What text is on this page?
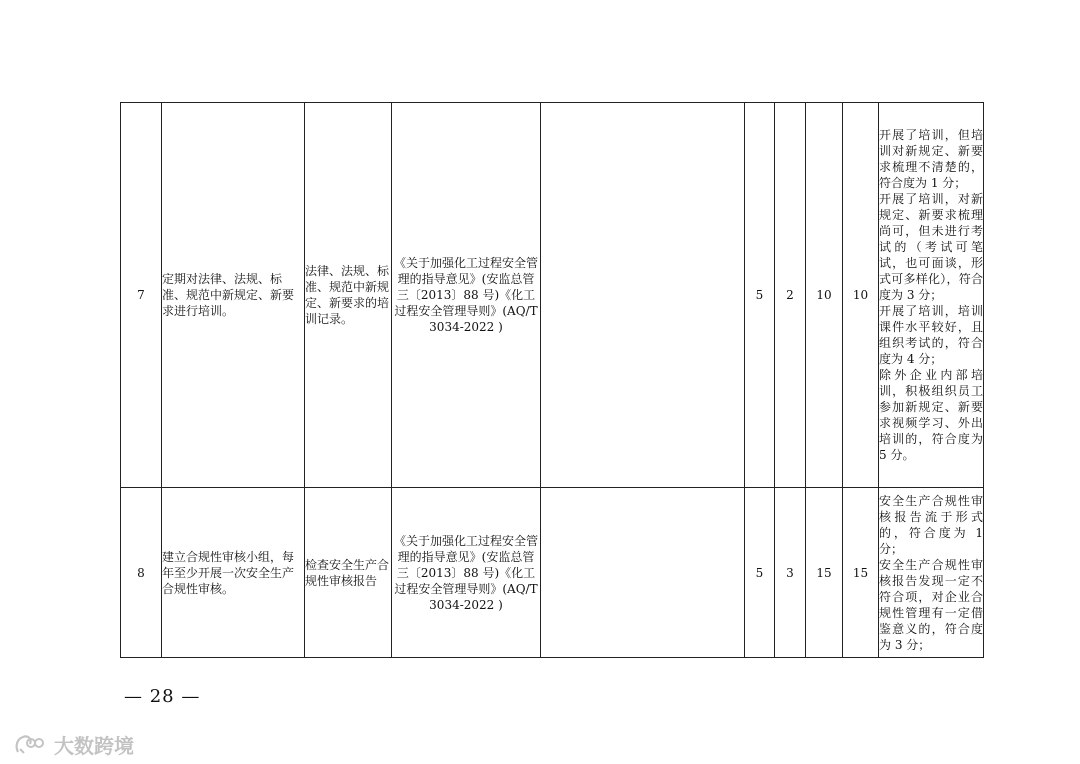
7	定期对法律、法规、标准、规范中新规定、新要求进行培训。	法律、法规、标准、规范中新规定、新要求的培训记录。	《关于加强化工过程安全管理的指导意见》(安监总管三〔2013〕88 号)《化工过程安全管理导则》(AQ/T 3034-2022 )		5	2	10	10	开展了培训，但培训对新规定、新要求梳理不清楚的，符合度为 1 分；
开展了培训，对新规定、新要求梳理尚可，但未进行考试的（考试可笔试，也可面谈，形式可多样化），符合度为 3 分；
开展了培训，培训课件水平较好，且组织考试的，符合度为 4 分；
除外企业内部培训，积极组织员工参加新规定、新要求视频学习、外出培训的，符合度为 5 分。

8	建立合规性审核小组，每年至少开展一次安全生产合规性审核。	检查安全生产合规性审核报告	《关于加强化工过程安全管理的指导意见》(安监总管三〔2013〕88 号)《化工过程安全管理导则》(AQ/T 3034-2022 )		5	3	15	15	安全生产合规性审核报告流于形式的，符合度为 1 分；
安全生产合规性审核报告发现一定不符合项，对企业合规性管理有一定借鉴意义的，符合度为 3 分；
— 28 —
大数跨境
